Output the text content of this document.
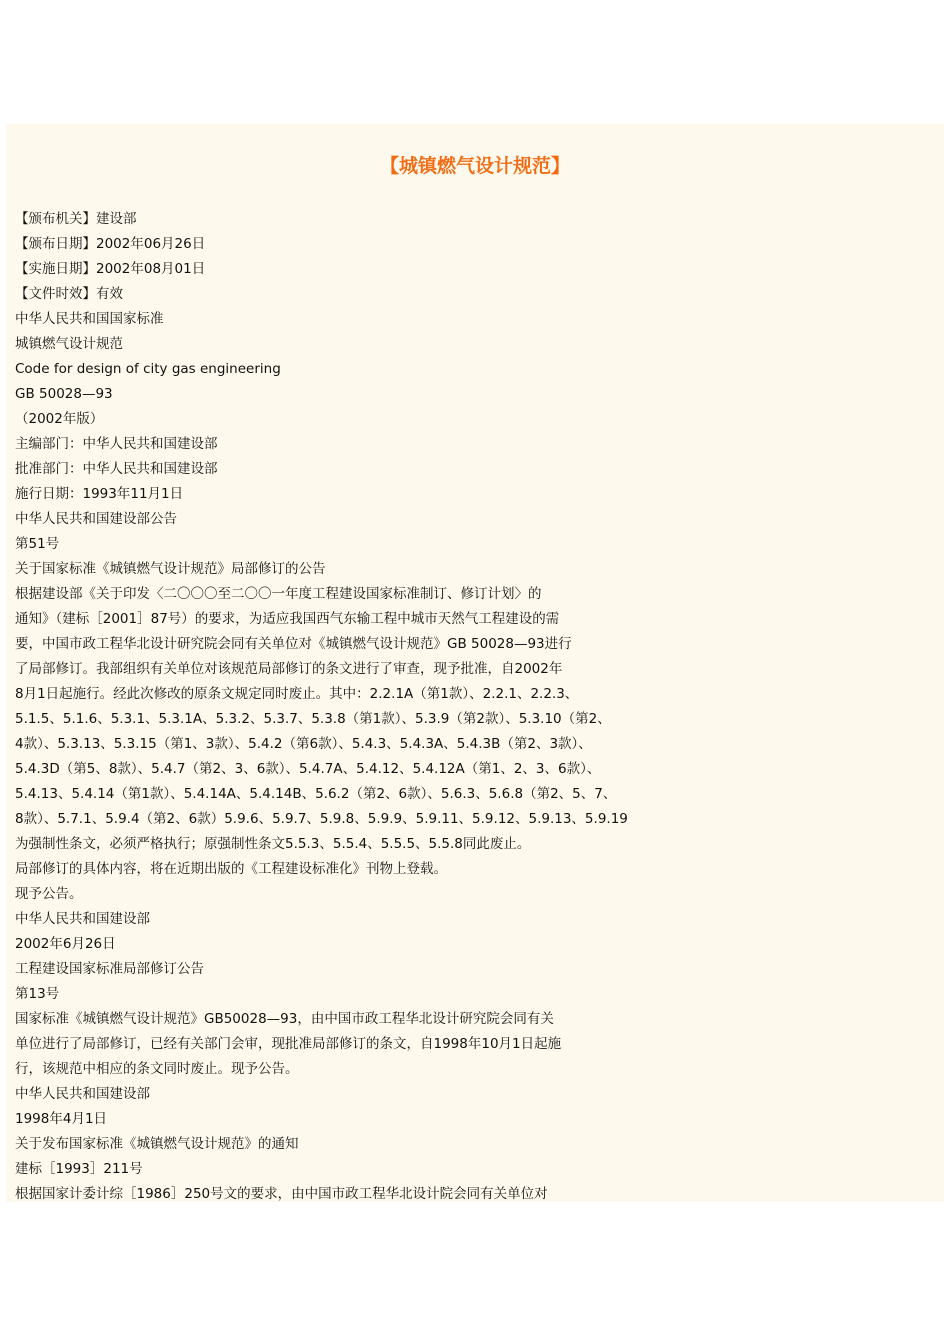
【城镇燃气设计规范】
【颁布机关】建设部
【颁布日期】2002年06月26日
【实施日期】2002年08月01日
【文件时效】有效
中华人民共和国国家标准
城镇燃气设计规范
Code for design of city gas engineering
GB 50028—93
（2002年版）
主编部门：中华人民共和国建设部
批准部门：中华人民共和国建设部
施行日期：1993年11月1日
中华人民共和国建设部公告
第51号
关于国家标准《城镇燃气设计规范》局部修订的公告
根据建设部《关于印发〈二〇〇〇至二〇〇一年度工程建设国家标准制订、修订计划〉的
通知》（建标［2001］87号）的要求，为适应我国西气东输工程中城市天然气工程建设的需
要，中国市政工程华北设计研究院会同有关单位对《城镇燃气设计规范》GB 50028—93进行
了局部修订。我部组织有关单位对该规范局部修订的条文进行了审查，现予批准，自2002年
8月1日起施行。经此次修改的原条文规定同时废止。其中：2.2.1A（第1款）、2.2.1、2.2.3、
5.1.5、5.1.6、5.3.1、5.3.1A、5.3.2、5.3.7、5.3.8（第1款）、5.3.9（第2款）、5.3.10（第2、
4款）、5.3.13、5.3.15（第1、3款）、5.4.2（第6款）、5.4.3、5.4.3A、5.4.3B（第2、3款）、
5.4.3D（第5、8款）、5.4.7（第2、3、6款）、5.4.7A、5.4.12、5.4.12A（第1、2、3、6款）、
5.4.13、5.4.14（第1款）、5.4.14A、5.4.14B、5.6.2（第2、6款）、5.6.3、5.6.8（第2、5、7、
8款）、5.7.1、5.9.4（第2、6款）5.9.6、5.9.7、5.9.8、5.9.9、5.9.11、5.9.12、5.9.13、5.9.19
为强制性条文，必须严格执行；原强制性条文5.5.3、5.5.4、5.5.5、5.5.8同此废止。
局部修订的具体内容，将在近期出版的《工程建设标准化》刊物上登载。
现予公告。
中华人民共和国建设部
2002年6月26日
工程建设国家标准局部修订公告
第13号
国家标准《城镇燃气设计规范》GB50028—93，由中国市政工程华北设计研究院会同有关
单位进行了局部修订，已经有关部门会审，现批准局部修订的条文，自1998年10月1日起施
行，该规范中相应的条文同时废止。现予公告。
中华人民共和国建设部
1998年4月1日
关于发布国家标准《城镇燃气设计规范》的通知
建标［1993］211号
根据国家计委计综［1986］250号文的要求，由中国市政工程华北设计院会同有关单位对
